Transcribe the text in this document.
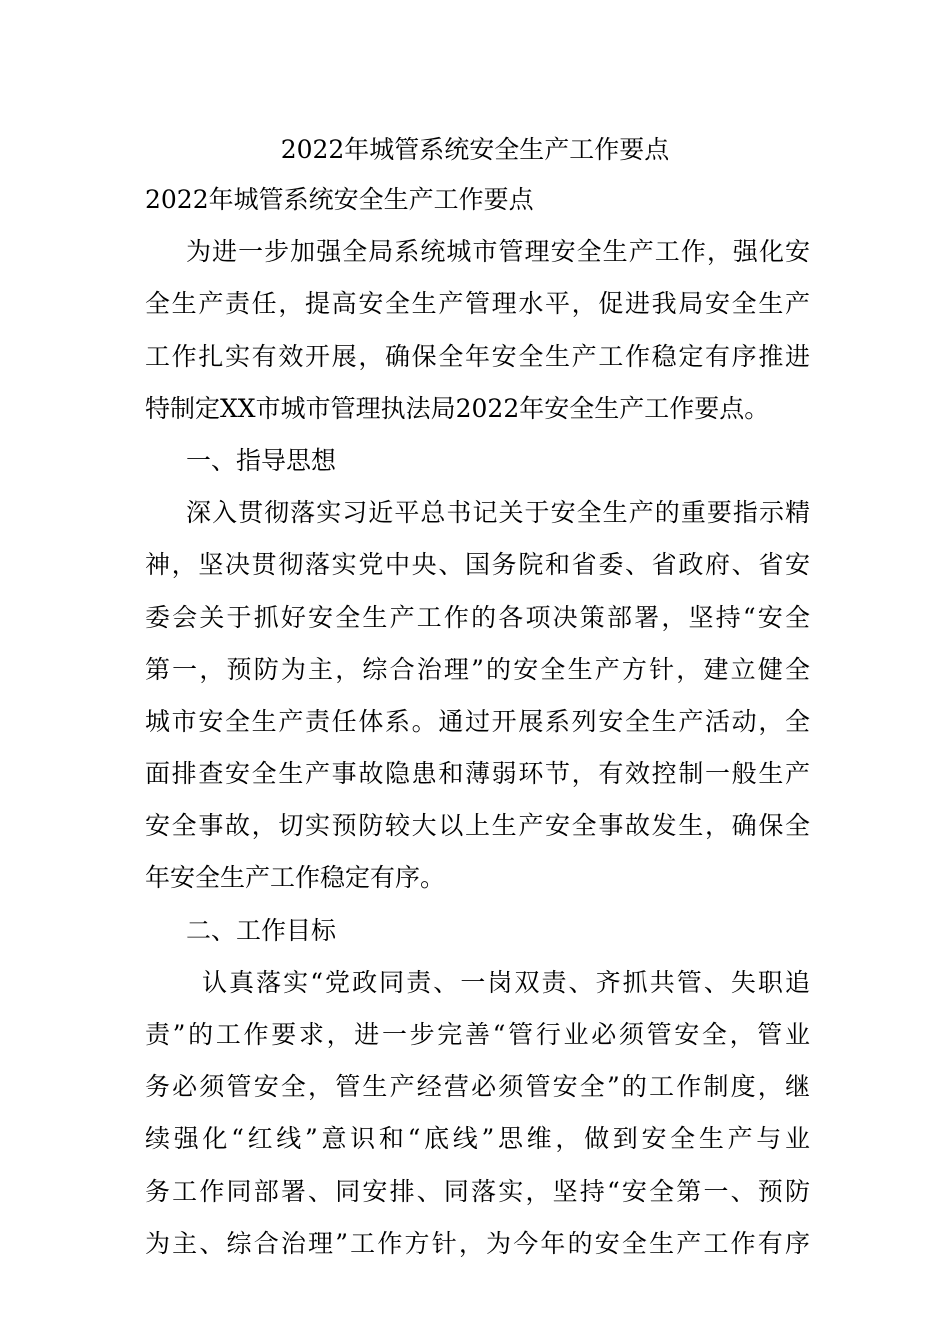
2022年城管系统安全生产工作要点
2022年城管系统安全生产工作要点
为进一步加强全局系统城市管理安全生产工作，强化安
全生产责任，提高安全生产管理水平，促进我局安全生产
工作扎实有效开展，确保全年安全生产工作稳定有序推进
特制定XX市城市管理执法局2022年安全生产工作要点。
一、指导思想
深入贯彻落实习近平总书记关于安全生产的重要指示精
神，坚决贯彻落实党中央、国务院和省委、省政府、省安
委会关于抓好安全生产工作的各项决策部署，坚持“安全
第一，预防为主，综合治理”的安全生产方针，建立健全
城市安全生产责任体系。通过开展系列安全生产活动，全
面排查安全生产事故隐患和薄弱环节，有效控制一般生产
安全事故，切实预防较大以上生产安全事故发生，确保全
年安全生产工作稳定有序。
二、工作目标
认真落实“党政同责、一岗双责、齐抓共管、失职追
责”的工作要求，进一步完善“管行业必须管安全，管业
务必须管安全，管生产经营必须管安全”的工作制度，继
续强化“红线”意识和“底线”思维，做到安全生产与业
务工作同部署、同安排、同落实，坚持“安全第一、预防
为主、综合治理”工作方针，为今年的安全生产工作有序
